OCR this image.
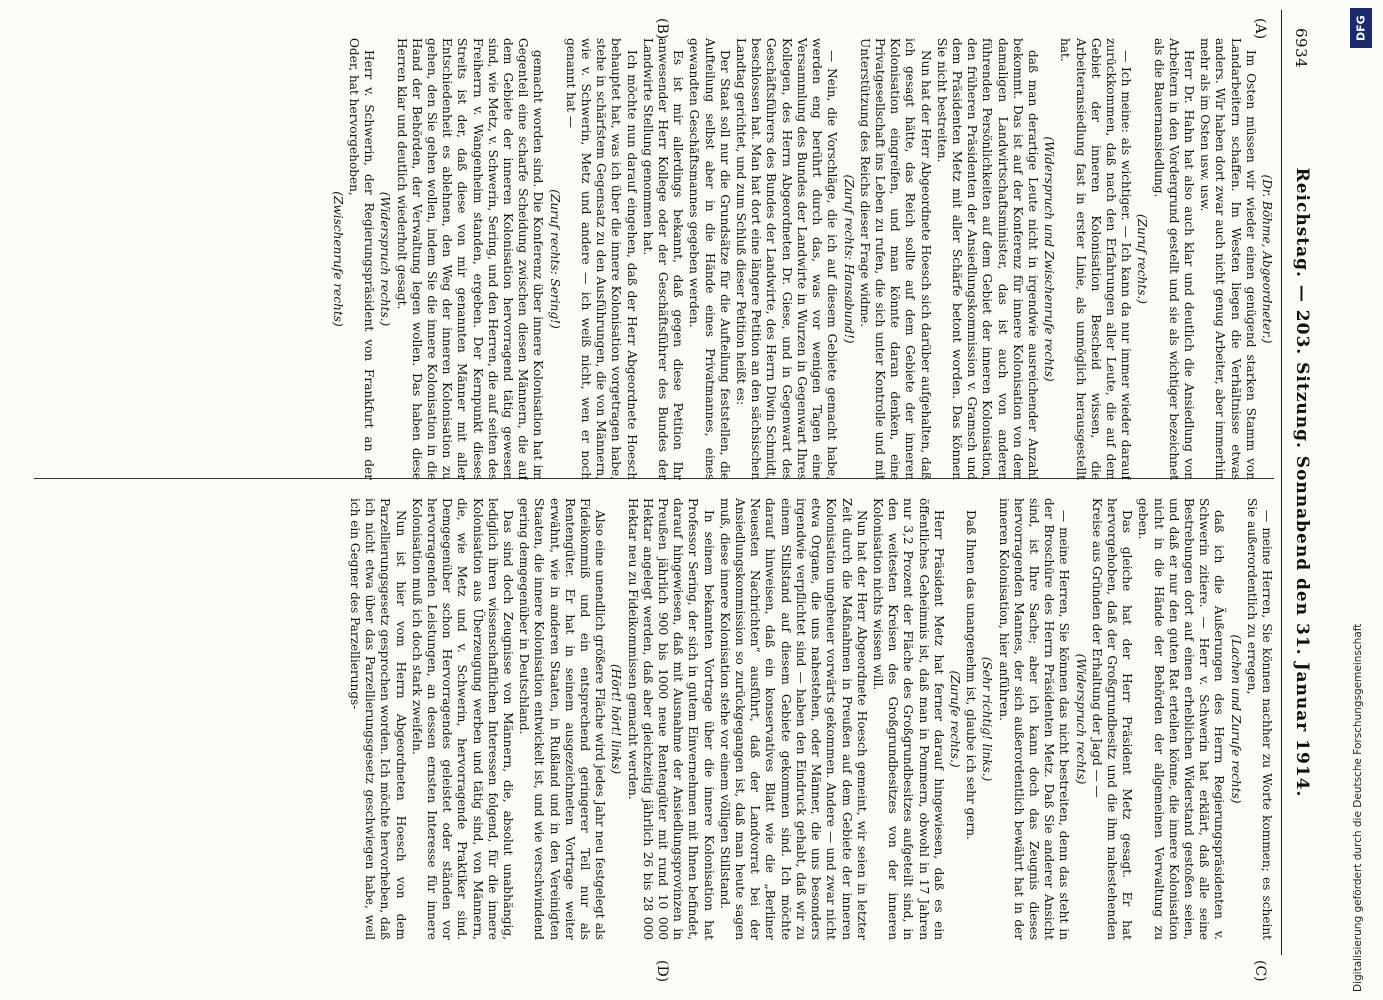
6934
Reichstag. — 203. Sitzung. Sonnabend den 31. Januar 1914.
(A)
(B)
(C)
(D)

(Dr. Böhme, Abgeordneter.)

Im Osten müssen wir wieder einen genügend starken Stamm von Landarbeitern schaffen. Im Westen liegen die Verhältnisse etwas anders. Wir haben dort zwar auch nicht genug Arbeiter, aber immerhin mehr als im Osten usw. usw.

Herr Dr. Hahn hat also auch klar und deutlich die Ansiedlung von Arbeitern in den Vordergrund gestellt und sie als wichtiger bezeichnet als die Bauernansiedlung.

(Zuruf rechts.)

— Ich meine: als wichtiger. — Ich kann da nur immer wieder darauf zurückkommen, daß nach den Erfahrungen aller Leute, die auf dem Gebiet der inneren Kolonisation Bescheid wissen, die Arbeiteransiedlung fast in erster Linie, als unmöglich herausgestellt hat.

(Widerspruch und Zwischenrufe rechts)

daß man derartige Leute nicht in irgendwie ausreichender Anzahl bekommt. Das ist auf der Konferenz für innere Kolonisation von dem damaligen Landwirtschaftsminister, das ist auch von anderen führenden Persönlichkeiten auf dem Gebiet der inneren Kolonisation, den früheren Präsidenten der Ansiedlungskommission v. Gramsch und dem Präsidenten Metz mit aller Schärfe betont worden. Das können Sie nicht bestreiten.

Nun hat der Herr Abgeordnete Hoesch sich darüber aufgehalten, daß ich gesagt hätte, das Reich sollte auf dem Gebiete der inneren Kolonisation eingreifen, und man könnte daran denken, eine Privatgesellschaft ins Leben zu rufen, die sich unter Kontrolle und mit Unterstützung des Reichs dieser Frage widme.

(Zuruf rechts: Hansabund!)

— Nein, die Vorschläge, die ich auf diesem Gebiete gemacht habe, werden eng berührt durch das, was vor wenigen Tagen eine Versammlung des Bundes der Landwirte in Wurzen in Gegenwart Ihres Kollegen, des Herrn Abgeordneten Dr. Giese, und in Gegenwart des Geschäftsführers des Bundes der Landwirte, des Herrn Diwin Schmidt, beschlossen hat. Man hat dort eine längere Petition an den sächsischen Landtag gerichtet, und zum Schluß dieser Petition heißt es:

Der Staat soll nur die Grundsätze für die Aufteilung feststellen, die Aufteilung selbst aber in die Hände eines Privatmannes, eines gewandten Geschäftsmannes gegeben werden.

Es ist mir allerdings bekannt, daß gegen diese Petition Ihr anwesender Herr Kollege oder der Geschäftsführer des Bundes der Landwirte Stellung genommen hat.

Ich möchte nun darauf eingehen, daß der Herr Abgeordnete Hoesch behauptet hat, was ich über die innere Kolonisation vorgetragen habe, stehe in schärfstem Gegensatz zu den Ausführungen, die von Männern, wie v. Schwerin, Metz und andere — ich weiß nicht, wen er noch genannt hat —

(Zuruf rechts: Sering!)

gemacht worden sind. Die Konferenz über innere Kolonisation hat im Gegenteil eine scharfe Scheidung zwischen diesen Männern, die auf dem Gebiete der inneren Kolonisation hervorragend tätig gewesen sind, wie Metz, v. Schwerin, Sering, und den Herren, die auf seiten des Freiherrn v. Wangenheim standen, ergeben. Der Kernpunkt dieses Streits ist der, daß diese von mir genannten Männer mit aller Entschiedenheit es ablehnen, den Weg der inneren Kolonisation zu gehen, den Sie gehen wollen, indem Sie die innere Kolonisation in die Hand der Behörden, der Verwaltung legen wollen. Das haben diese Herren klar und deutlich wiederholt gesagt.

(Widerspruch rechts.)

Herr v. Schwerin, der Regierungspräsident von Frankfurt an der Oder, hat hervorgehoben,

(Zwischenrufe rechts)

— meine Herren, Sie können nachher zu Worte kommen; es scheint Sie außerordentlich zu erregen,

(Lachen und Zurufe rechts)

daß ich die Äußerungen des Herrn Regierungspräsidenten v. Schwerin zitiere. — Herr v. Schwerin hat erklärt, daß alle seine Bestrebungen dort auf einen erheblichen Widerstand gestoßen seien, und daß er nur den guten Rat erteilen könne, die innere Kolonisation nicht in die Hände der Behörden der allgemeinen Verwaltung zu geben.

Das gleiche hat der Herr Präsident Metz gesagt. Er hat hervorgehoben, daß der Großgrundbesitz und die ihm nahestehenden Kreise aus Gründen der Erhaltung der Jagd — —

(Widerspruch rechts)

— meine Herren, Sie können das nicht bestreiten, denn das steht in der Broschüre des Herrn Präsidenten Metz. Daß Sie anderer Ansicht sind, ist Ihre Sache; aber ich kann doch das Zeugnis dieses hervorragenden Mannes, der sich außerordentlich bewährt hat in der inneren Kolonisation, hier anführen.

(Sehr richtig! links.)

Daß Ihnen das unangenehm ist, glaube ich sehr gern.

(Zurufe rechts.)

Herr Präsident Metz hat ferner darauf hingewiesen, daß es ein öffentliches Geheimnis ist, daß man in Pommern, obwohl in 17 Jahren nur 3,2 Prozent der Fläche des Großgrundbesitzes aufgeteilt sind, in den weitesten Kreisen des Großgrundbesitzes von der inneren Kolonisation nichts wissen will.

Nun hat der Herr Abgeordnete Hoesch gemeint, wir seien in letzter Zeit durch die Maßnahmen in Preußen auf dem Gebiete der inneren Kolonisation ungeheuer vorwärts gekommen. Andere — und zwar nicht etwa Organe, die uns nahestehen, oder Männer, die uns besonders irgendwie verpflichtet sind — haben den Eindruck gehabt, daß wir zu einem Stillstand auf diesem Gebiete gekommen sind. Ich möchte darauf hinweisen, daß ein konservatives Blatt wie die „Berliner Neuesten Nachrichten“ ausführt, daß der Landvorrat bei der Ansiedlungskommission so zurückgegangen ist, daß man heute sagen muß, diese innere Kolonisation stehe vor einem völligen Stillstand.

In seinem bekannten Vortrage über die innere Kolonisation hat Professor Sering, der sich in gutem Einvernehmen mit Ihnen befindet, darauf hingewiesen, daß mit Ausnahme der Ansiedlungsprovinzen in Preußen jährlich 900 bis 1000 neue Rentengüter mit rund 10 000 Hektar angelegt werden, daß aber gleichzeitig jährlich 26 bis 28 000 Hektar neu zu Fideikommissen gemacht werden.

(Hört! hört! links)

Also eine unendlich größere Fläche wird jedes Jahr neu festgelegt als Fideikommiß und ein entsprechend geringerer Teil nur als Rentengüter. Er hat in seinem ausgezeichneten Vortrage weiter erwähnt, wie in anderen Staaten, in Rußland und in den Vereinigten Staaten, die innere Kolonisation entwickelt ist, und wie verschwindend gering demgegenüber in Deutschland.

Das sind doch Zeugnisse von Männern, die, absolut unabhängig, lediglich ihren wissenschaftlichen Interessen folgend, für die innere Kolonisation aus Überzeugung werben und tätig sind, von Männern, die, wie Metz und v. Schwerin, hervorragende Praktiker sind. Demgegenüber schon Hervorragendes geleistet oder ständen vor hervorragenden Leistungen, an dessen ernsten Interesse für innere Kolonisation muß ich doch stark zweifeln.

Nun ist hier vom Herrn Abgeordneten Hoesch von dem Parzellierungsgesetz gesprochen worden. Ich möchte hervorheben, daß ich nicht etwa über das Parzellierungsgesetz geschwiegen habe, weil ich ein Gegner des Parzellierungs-

DFG
Digitalisierung gefördert durch die Deutsche Forschungsgemeinschaft
